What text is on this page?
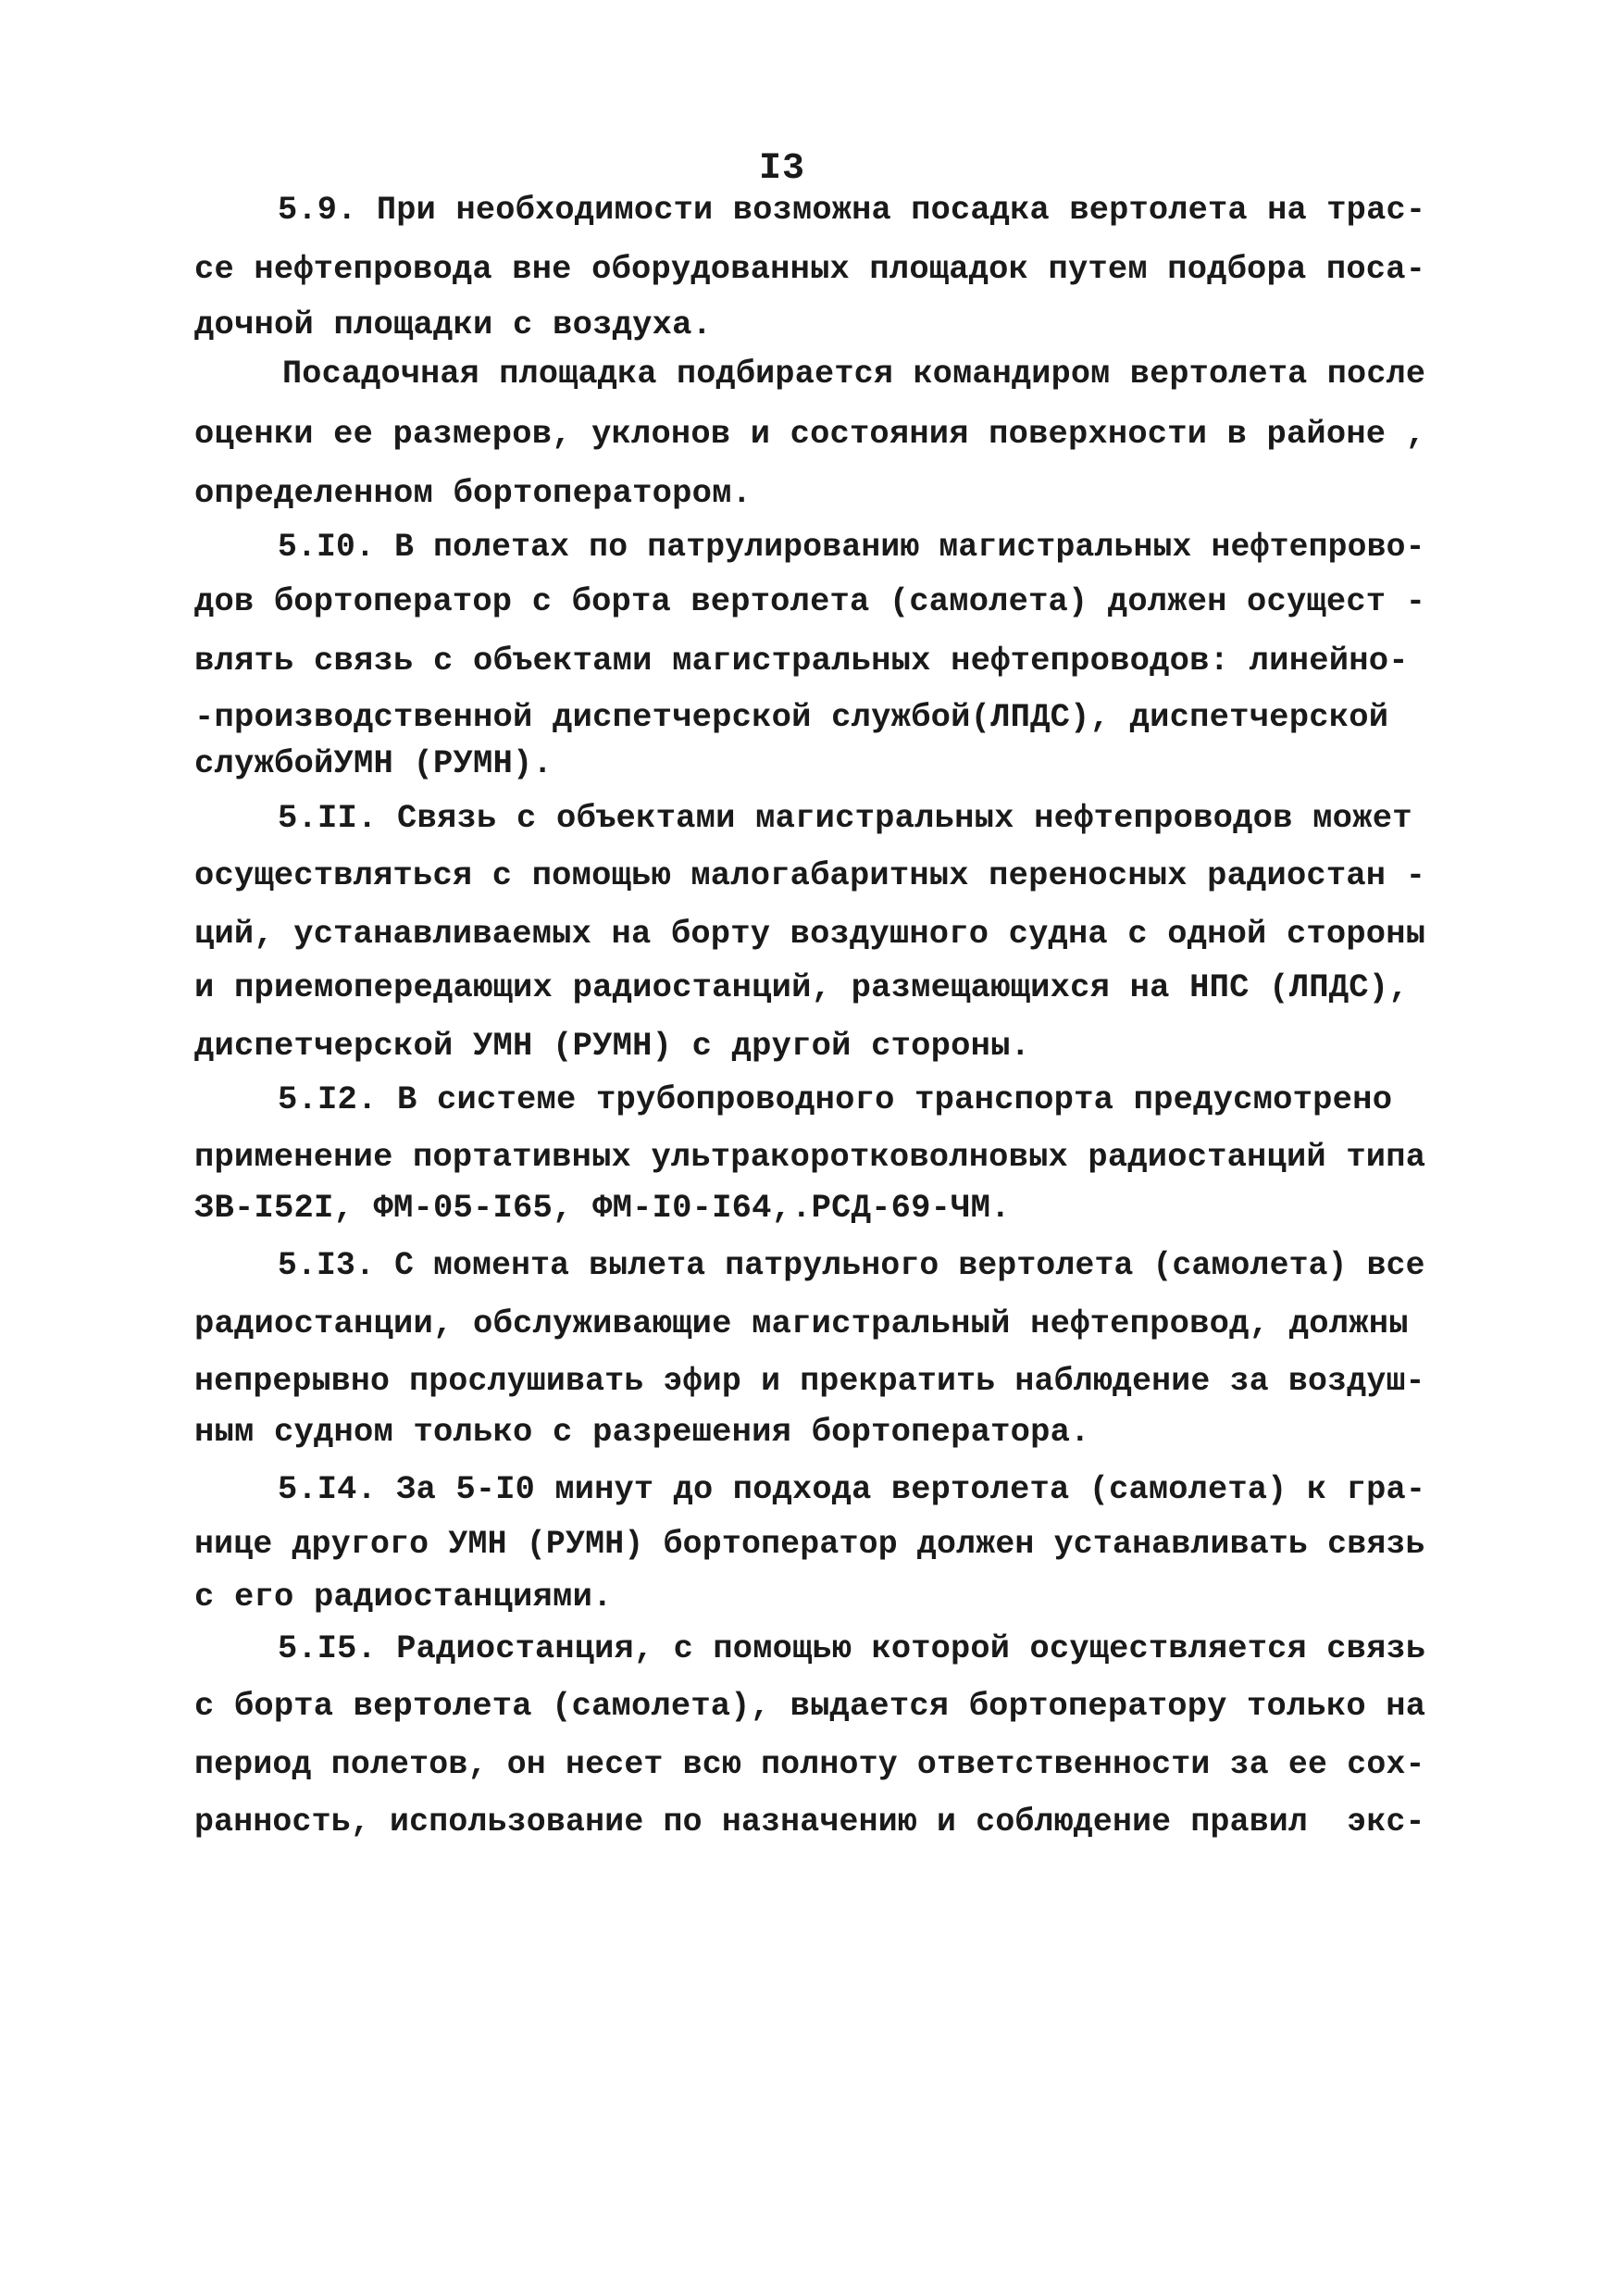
I3
5.9. При необходимости возможна посадка вертолета на трас-
се нефтепровода вне оборудованных площадок путем подбора поса-
дочной площадки с воздуха.
Посадочная площадка подбирается командиром вертолета после
оценки ее размеров, уклонов и состояния поверхности в районе ,
определенном бортоператором.
5.I0. В полетах по патрулированию магистральных нефтепрово-
дов бортоператор с борта вертолета (самолета) должен осущест -
влять связь с объектами магистральных нефтепроводов: линейно-
-производственной диспетчерской службой(ЛПДС), диспетчерской
службойУМН (РУМН).
5.II. Связь с объектами магистральных нефтепроводов может
осуществляться с помощью малогабаритных переносных радиостан -
ций, устанавливаемых на борту воздушного судна с одной стороны
и приемопередающих радиостанций, размещающихся на НПС (ЛПДС),
диспетчерской УМН (РУМН) с другой стороны.
5.I2. В системе трубопроводного транспорта предусмотрено
применение портативных ультракоротковолновых радиостанций типа
ЗВ-I52I, ФМ-05-I65, ФМ-I0-I64,.РСД-69-ЧМ.
5.I3. С момента вылета патрульного вертолета (самолета) все
радиостанции, обслуживающие магистральный нефтепровод, должны
непрерывно прослушивать эфир и прекратить наблюдение за воздуш-
ным судном только с разрешения бортоператора.
5.I4. За 5-I0 минут до подхода вертолета (самолета) к гра-
нице другого УМН (РУМН) бортоператор должен устанавливать связь
с его радиостанциями.
5.I5. Радиостанция, с помощью которой осуществляется связь
с борта вертолета (самолета), выдается бортоператору только на
период полетов, он несет всю полноту ответственности за ее сох-
ранность, использование по назначению и соблюдение правил  экс-
